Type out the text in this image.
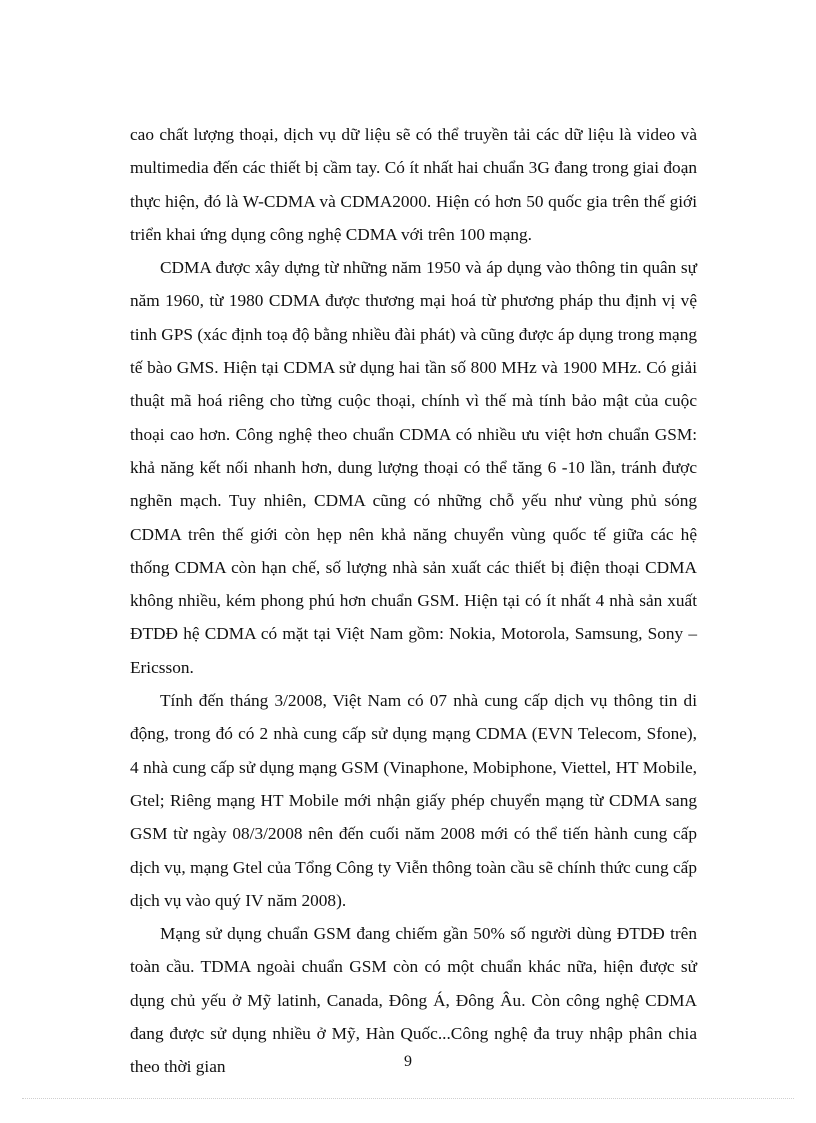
cao chất lượng thoại, dịch vụ dữ liệu sẽ có thể truyền tải các dữ liệu là video và multimedia đến các thiết bị cầm tay. Có ít nhất hai chuẩn 3G đang trong giai đoạn thực hiện, đó là W-CDMA và CDMA2000. Hiện có hơn 50 quốc gia trên thế giới triển khai ứng dụng công nghệ CDMA với trên 100 mạng.

CDMA được xây dựng từ những năm 1950 và áp dụng vào thông tin quân sự năm 1960, từ 1980 CDMA được thương mại hoá từ phương pháp thu định vị vệ tinh GPS (xác định toạ độ bằng nhiều đài phát) và cũng được áp dụng trong mạng tế bào GMS. Hiện tại CDMA sử dụng hai tần số 800 MHz và 1900 MHz. Có giải thuật mã hoá riêng cho từng cuộc thoại, chính vì thế mà tính bảo mật của cuộc thoại cao hơn. Công nghệ theo chuẩn CDMA có nhiều ưu việt hơn chuẩn GSM: khả năng kết nối nhanh hơn, dung lượng thoại có thể tăng 6 -10 lần, tránh được nghẽn mạch. Tuy nhiên, CDMA cũng có những chỗ yếu như vùng phủ sóng CDMA trên thế giới còn hẹp nên khả năng chuyển vùng quốc tế giữa các hệ thống CDMA còn hạn chế, số lượng nhà sản xuất các thiết bị điện thoại CDMA không nhiều, kém phong phú hơn chuẩn GSM. Hiện tại có ít nhất 4 nhà sản xuất ĐTDĐ hệ CDMA có mặt tại Việt Nam gồm: Nokia, Motorola, Samsung, Sony – Ericsson.

Tính đến tháng 3/2008, Việt Nam có 07 nhà cung cấp dịch vụ thông tin di động, trong đó có 2 nhà cung cấp sử dụng mạng CDMA (EVN Telecom, Sfone), 4 nhà cung cấp sử dụng mạng GSM (Vinaphone, Mobiphone, Viettel, HT Mobile, Gtel; Riêng mạng HT Mobile mới nhận giấy phép chuyển mạng từ CDMA sang GSM từ ngày 08/3/2008 nên đến cuối năm 2008 mới có thể tiến hành cung cấp dịch vụ, mạng Gtel của Tổng Công ty Viễn thông toàn cầu sẽ chính thức cung cấp dịch vụ vào quý IV năm 2008).

Mạng sử dụng chuẩn GSM đang chiếm gần 50% số người dùng ĐTDĐ trên toàn cầu. TDMA ngoài chuẩn GSM còn có một chuẩn khác nữa, hiện được sử dụng chủ yếu ở Mỹ latinh, Canada, Đông Á, Đông Âu. Còn công nghệ CDMA đang được sử dụng nhiều ở Mỹ, Hàn Quốc...Công nghệ đa truy nhập phân chia theo thời gian	9
